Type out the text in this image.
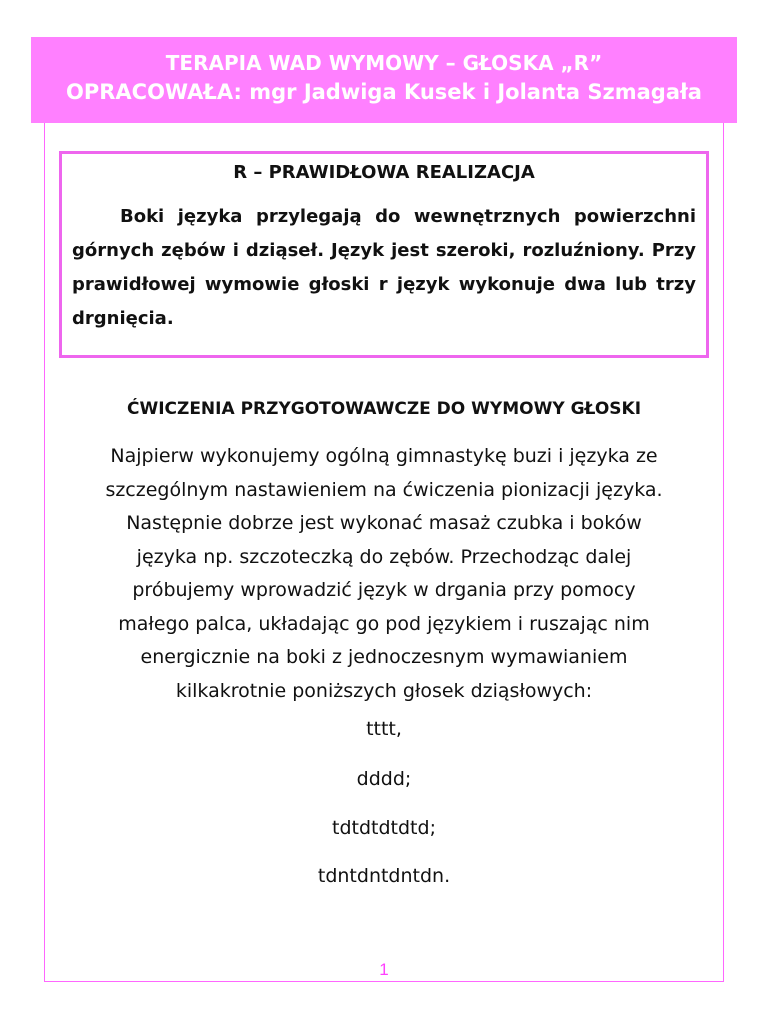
TERAPIA WAD WYMOWY – GŁOSKA „R”
OPRACOWAŁA: mgr Jadwiga Kusek i Jolanta Szmagała

R – PRAWIDŁOWA REALIZACJA

Boki języka przylegają do wewnętrznych powierzchni górnych zębów i dziąseł. Język jest szeroki, rozluźniony. Przy prawidłowej wymowie głoski r język wykonuje dwa lub trzy drgnięcia.

ĆWICZENIA PRZYGOTOWAWCZE DO WYMOWY GŁOSKI

Najpierw wykonujemy ogólną gimnastykę buzi i języka ze
szczególnym nastawieniem na ćwiczenia pionizacji języka.
Następnie dobrze jest wykonać masaż czubka i boków
języka np. szczoteczką do zębów. Przechodząc dalej
próbujemy wprowadzić język w drgania przy pomocy
małego palca, układając go pod językiem i ruszając nim
energicznie na boki z jednoczesnym wymawianiem
kilkakrotnie poniższych głosek dziąsłowych:

tttt,

dddd;

tdtdtdtdtd;

tdntdntdntdn.

1
